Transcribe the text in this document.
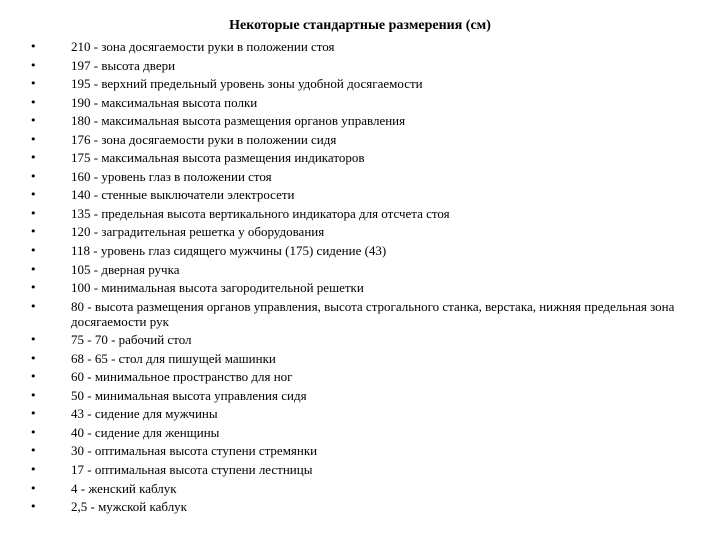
Некоторые стандартные размерения (см)
•	210 - зона досягаемости руки в положении стоя
•	197 - высота двери
•	195 - верхний предельный уровень зоны удобной досягаемости
•	190 - максимальная высота полки
•	180 - максимальная высота размещения органов управления
•	176 - зона досягаемости руки в положении сидя
•	175 - максимальная высота размещения индикаторов
•	160 - уровень глаз в положении стоя
•	140 - стенные выключатели электросети
•	135 - предельная высота вертикального индикатора для отсчета стоя
•	120 - заградительная решетка у оборудования
•	118 - уровень глаз сидящего мужчины (175) сидение (43)
•	105 - дверная ручка
•	100 - минимальная высота загородительной решетки
•	80 - высота размещения органов управления, высота строгального станка, верстака, нижняя предельная зона досягаемости рук
•	75 - 70 - рабочий стол
•	68 - 65 - стол для пишущей машинки
•	60 - минимальное пространство для ног
•	50 - минимальная высота управления сидя
•	43 - сидение для мужчины
•	40 - сидение для женщины
•	30 - оптимальная высота ступени стремянки
•	17 - оптимальная высота ступени лестницы
•	4 - женский каблук
•	2,5 - мужской каблук
